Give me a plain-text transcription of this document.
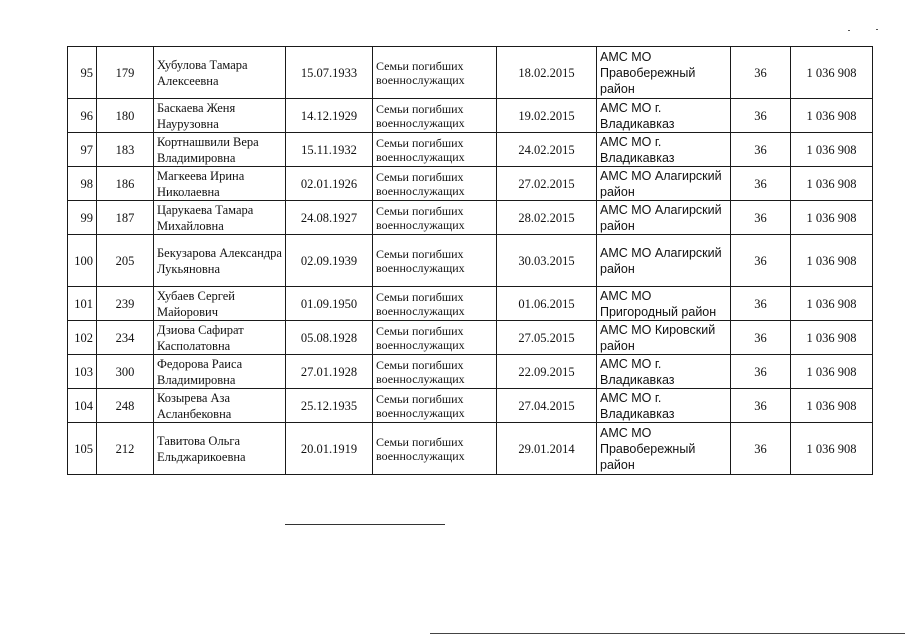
95	179	Хубулова Тамара Алексеевна	15.07.1933	Семьи погибших военнослужащих	18.02.2015	АМС МО Правобережный район	36	1 036 908
96	180	Баскаева Женя Наурузовна	14.12.1929	Семьи погибших военнослужащих	19.02.2015	АМС МО г. Владикавказ	36	1 036 908
97	183	Кортнашвили Вера Владимировна	15.11.1932	Семьи погибших военнослужащих	24.02.2015	АМС МО г. Владикавказ	36	1 036 908
98	186	Магкеева Ирина Николаевна	02.01.1926	Семьи погибших военнослужащих	27.02.2015	АМС МО Алагирский район	36	1 036 908
99	187	Царукаева Тамара Михайловна	24.08.1927	Семьи погибших военнослужащих	28.02.2015	АМС МО Алагирский район	36	1 036 908
100	205	Бекузарова Александра Лукьяновна	02.09.1939	Семьи погибших военнослужащих	30.03.2015	АМС МО Алагирский район	36	1 036 908
101	239	Хубаев Сергей Майорович	01.09.1950	Семьи погибших военнослужащих	01.06.2015	АМС МО Пригородный район	36	1 036 908
102	234	Дзиова Сафират Касполатовна	05.08.1928	Семьи погибших военнослужащих	27.05.2015	АМС МО Кировский район	36	1 036 908
103	300	Федорова Раиса Владимировна	27.01.1928	Семьи погибших военнослужащих	22.09.2015	АМС МО г. Владикавказ	36	1 036 908
104	248	Козырева Аза Асланбековна	25.12.1935	Семьи погибших военнослужащих	27.04.2015	АМС МО г. Владикавказ	36	1 036 908
105	212	Тавитова Ольга Ельджарикоевна	20.01.1919	Семьи погибших военнослужащих	29.01.2014	АМС МО Правобережный район	36	1 036 908
